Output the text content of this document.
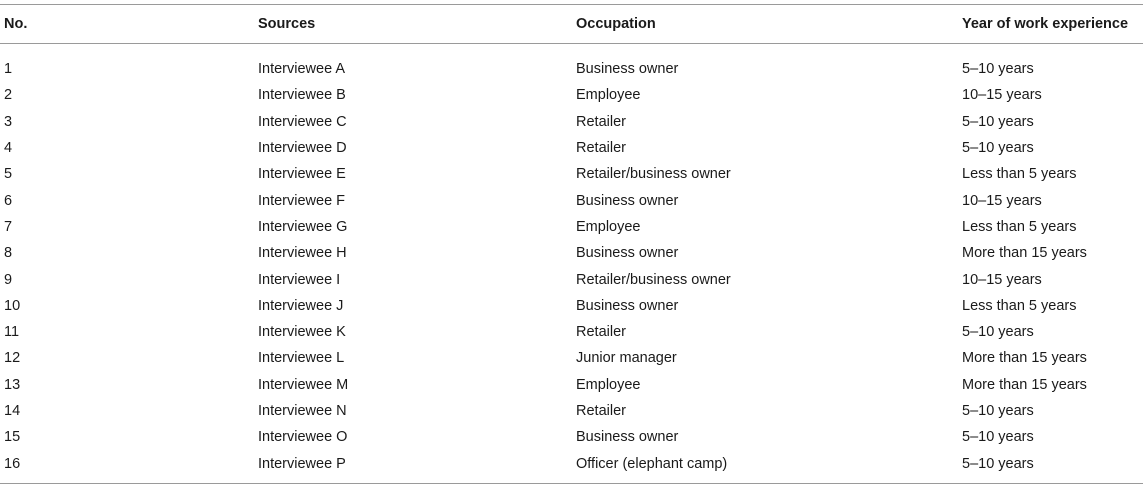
No.	Sources	Occupation	Year of work experience
1	Interviewee A	Business owner	5–10 years
2	Interviewee B	Employee	10–15 years
3	Interviewee C	Retailer	5–10 years
4	Interviewee D	Retailer	5–10 years
5	Interviewee E	Retailer/business owner	Less than 5 years
6	Interviewee F	Business owner	10–15 years
7	Interviewee G	Employee	Less than 5 years
8	Interviewee H	Business owner	More than 15 years
9	Interviewee I	Retailer/business owner	10–15 years
10	Interviewee J	Business owner	Less than 5 years
11	Interviewee K	Retailer	5–10 years
12	Interviewee L	Junior manager	More than 15 years
13	Interviewee M	Employee	More than 15 years
14	Interviewee N	Retailer	5–10 years
15	Interviewee O	Business owner	5–10 years
16	Interviewee P	Officer (elephant camp)	5–10 years
